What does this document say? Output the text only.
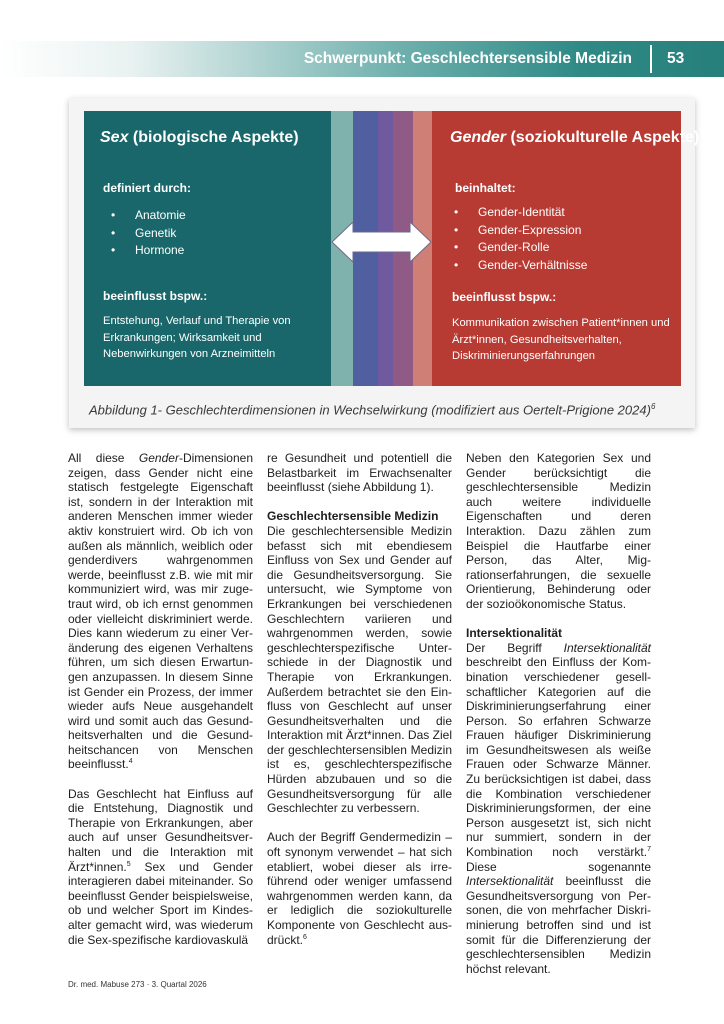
Schwerpunkt: Geschlechtersensible Medizin 53
Sex (biologische Aspekte)
definiert durch:
• Anatomie
• Genetik
• Hormone
beeinflusst bspw.:
Entstehung, Verlauf und Therapie von Erkrankungen; Wirksamkeit und Nebenwirkungen von Arzneimitteln
Gender (soziokulturelle Aspekte)
beinhaltet:
• Gender-Identität
• Gender-Expression
• Gender-Rolle
• Gender-Verhältnisse
beeinflusst bspw.:
Kommunikation zwischen Patient*innen und Ärzt*innen, Gesundheitsverhalten, Diskriminierungserfahrungen
Abbildung 1- Geschlechterdimensionen in Wechselwirkung (modifiziert aus Oertelt-Prigione 2024)$^6$

All diese Gender-Dimensionen zeigen, dass Gender nicht eine statisch festgelegte Eigenschaft ist, sondern in der Interaktion mit anderen Menschen immer wieder aktiv konstruiert wird. Ob ich von außen als männlich, weiblich oder genderdivers wahrgenommen werde, beeinflusst z.B. wie mit mir kommuniziert wird, was mir zugetraut wird, ob ich ernst genommen oder vielleicht diskriminiert werde. Dies kann wiederum zu einer Veränderung des eigenen Verhaltens führen, um sich diesen Erwartungen anzupassen. In diesem Sinne ist Gender ein Prozess, der immer wieder aufs Neue ausgehandelt wird und somit auch das Gesundheitsverhalten und die Gesundheitschancen von Menschen beeinflusst.$^4$

Das Geschlecht hat Einfluss auf die Entstehung, Diagnostik und Therapie von Erkrankungen, aber auch auf unser Gesundheitsverhalten und die Interaktion mit Ärzt*innen.$^5$ Sex und Gender interagieren dabei miteinander. So beeinflusst Gender beispielsweise, ob und welcher Sport im Kindesalter gemacht wird, was wiederum die Sex-spezifische kardiovaskulä

re Gesundheit und potentiell die Belastbarkeit im Erwachsenalter beeinflusst (siehe Abbildung 1).

Geschlechtersensible Medizin

Die geschlechtersensible Medizin befasst sich mit ebendiesem Einfluss von Sex und Gender auf die Gesundheitsversorgung. Sie untersucht, wie Symptome von Erkrankungen bei verschiedenen Geschlechtern variieren und wahrgenommen werden, sowie geschlechterspezifische Unterschiede in der Diagnostik und Therapie von Erkrankungen. Außerdem betrachtet sie den Einfluss von Geschlecht auf unser Gesundheitsverhalten und die Interaktion mit Ärzt*innen. Das Ziel der geschlechtersensiblen Medizin ist es, geschlechterspezifische Hürden abzubauen und so die Gesundheitsversorgung für alle Geschlechter zu verbessern.

Auch der Begriff Gendermedizin – oft synonym verwendet – hat sich etabliert, wobei dieser als irreführend oder weniger umfassend wahrgenommen werden kann, da er lediglich die soziokulturelle Komponente von Geschlecht ausdrückt.$^6$

Neben den Kategorien Sex und Gender berücksichtigt die geschlechtersensible Medizin auch weitere individuelle Eigenschaften und deren Interaktion. Dazu zählen zum Beispiel die Hautfarbe einer Person, das Alter, Migrationserfahrungen, die sexuelle Orientierung, Behinderung oder der sozioökonomische Status.

Intersektionalität

Der Begriff Intersektionalität beschreibt den Einfluss der Kombination verschiedener gesellschaftlicher Kategorien auf die Diskriminierungserfahrung einer Person. So erfahren Schwarze Frauen häufiger Diskriminierung im Gesundheitswesen als weiße Frauen oder Schwarze Männer. Zu berücksichtigen ist dabei, dass die Kombination verschiedener Diskriminierungsformen, der eine Person ausgesetzt ist, sich nicht nur summiert, sondern in der Kombination noch verstärkt.$^7$ Diese sogenannte Intersektionalität beeinflusst die Gesundheitsversorgung von Personen, die von mehrfacher Diskriminierung betroffen sind und ist somit für die Differenzierung der geschlechtersensiblen Medizin höchst relevant.

Dr. med. Mabuse 273 · 3. Quartal 2026
